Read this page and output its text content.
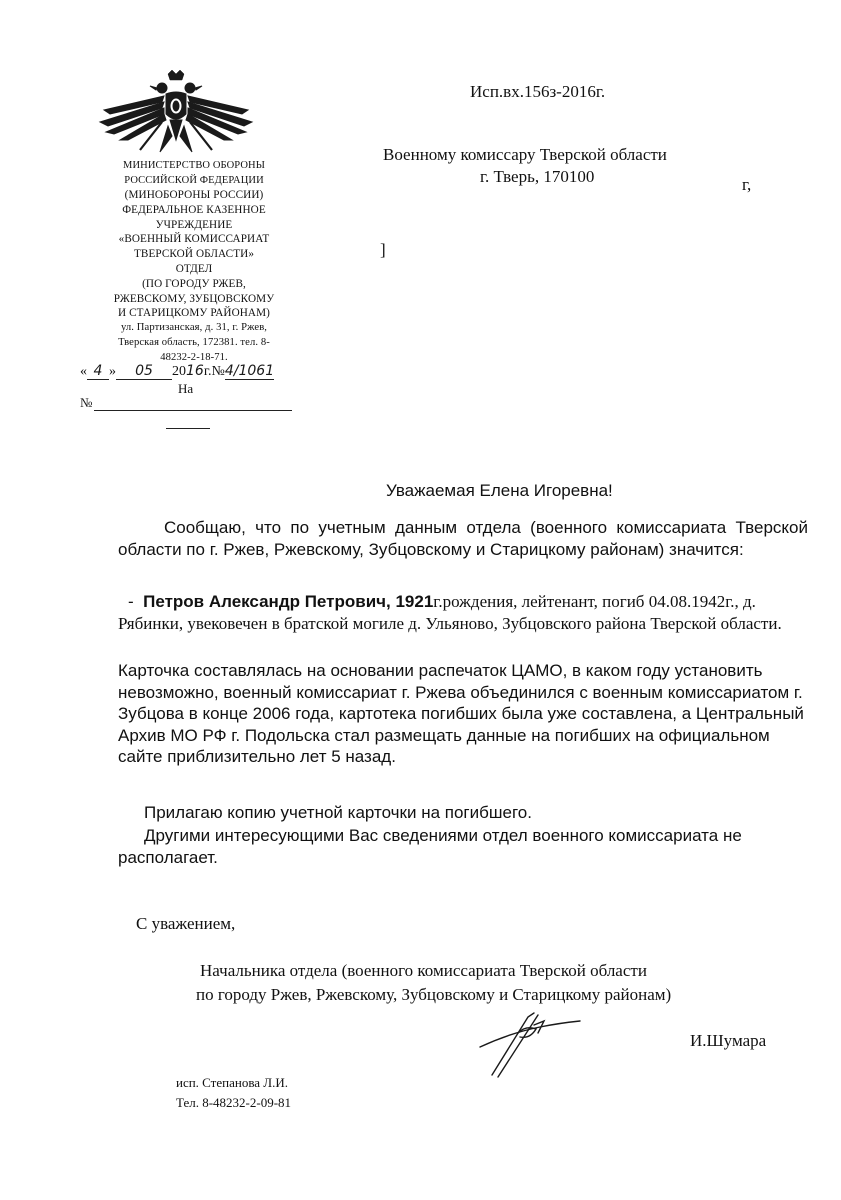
МИНИСТЕРСТВО ОБОРОНЫ
РОССИЙСКОЙ ФЕДЕРАЦИИ
(МИНОБОРОНЫ РОССИИ)
ФЕДЕРАЛЬНОЕ КАЗЕННОЕ
УЧРЕЖДЕНИЕ
«ВОЕННЫЙ КОМИССАРИАТ
ТВЕРСКОЙ ОБЛАСТИ»
ОТДЕЛ
(ПО ГОРОДУ РЖЕВ,
РЖЕВСКОМУ, ЗУБЦОВСКОМУ
И СТАРИЦКОМУ РАЙОНАМ)
ул. Партизанская, д. 31, г. Ржев,
Тверская область, 172381. тел. 8-
48232-2-18-71.
« 4 » 05 2016г.№4/1061
На
№
Исп.вх.156з-2016г.
Военному комиссару Тверской области
г. Тверь, 170100	г,
]
Уважаемая Елена Игоревна!
Сообщаю, что по учетным данным отдела (военного комиссариата Тверской области по г. Ржев, Ржевскому, Зубцовскому и Старицкому районам) значится:
- Петров Александр Петрович, 1921г.рождения, лейтенант, погиб 04.08.1942г., д. Рябинки, увековечен в братской могиле д. Ульяново, Зубцовского района Тверской области.
Карточка составлялась на основании распечаток ЦАМО, в каком году установить невозможно, военный комиссариат г. Ржева объединился с военным комиссариатом г. Зубцова в конце 2006 года, картотека погибших была уже составлена, а Центральный Архив МО РФ г. Подольска стал размещать данные на погибших на официальном сайте приблизительно лет 5 назад.
Прилагаю копию учетной карточки на погибшего.
Другими интересующими Вас сведениями отдел военного комиссариата не располагает.
С уважением,
Начальника отдела (военного комиссариата Тверской области
по городу Ржев, Ржевскому, Зубцовскому и Старицкому районам)
И.Шумара
исп. Степанова Л.И.
Тел. 8-48232-2-09-81
